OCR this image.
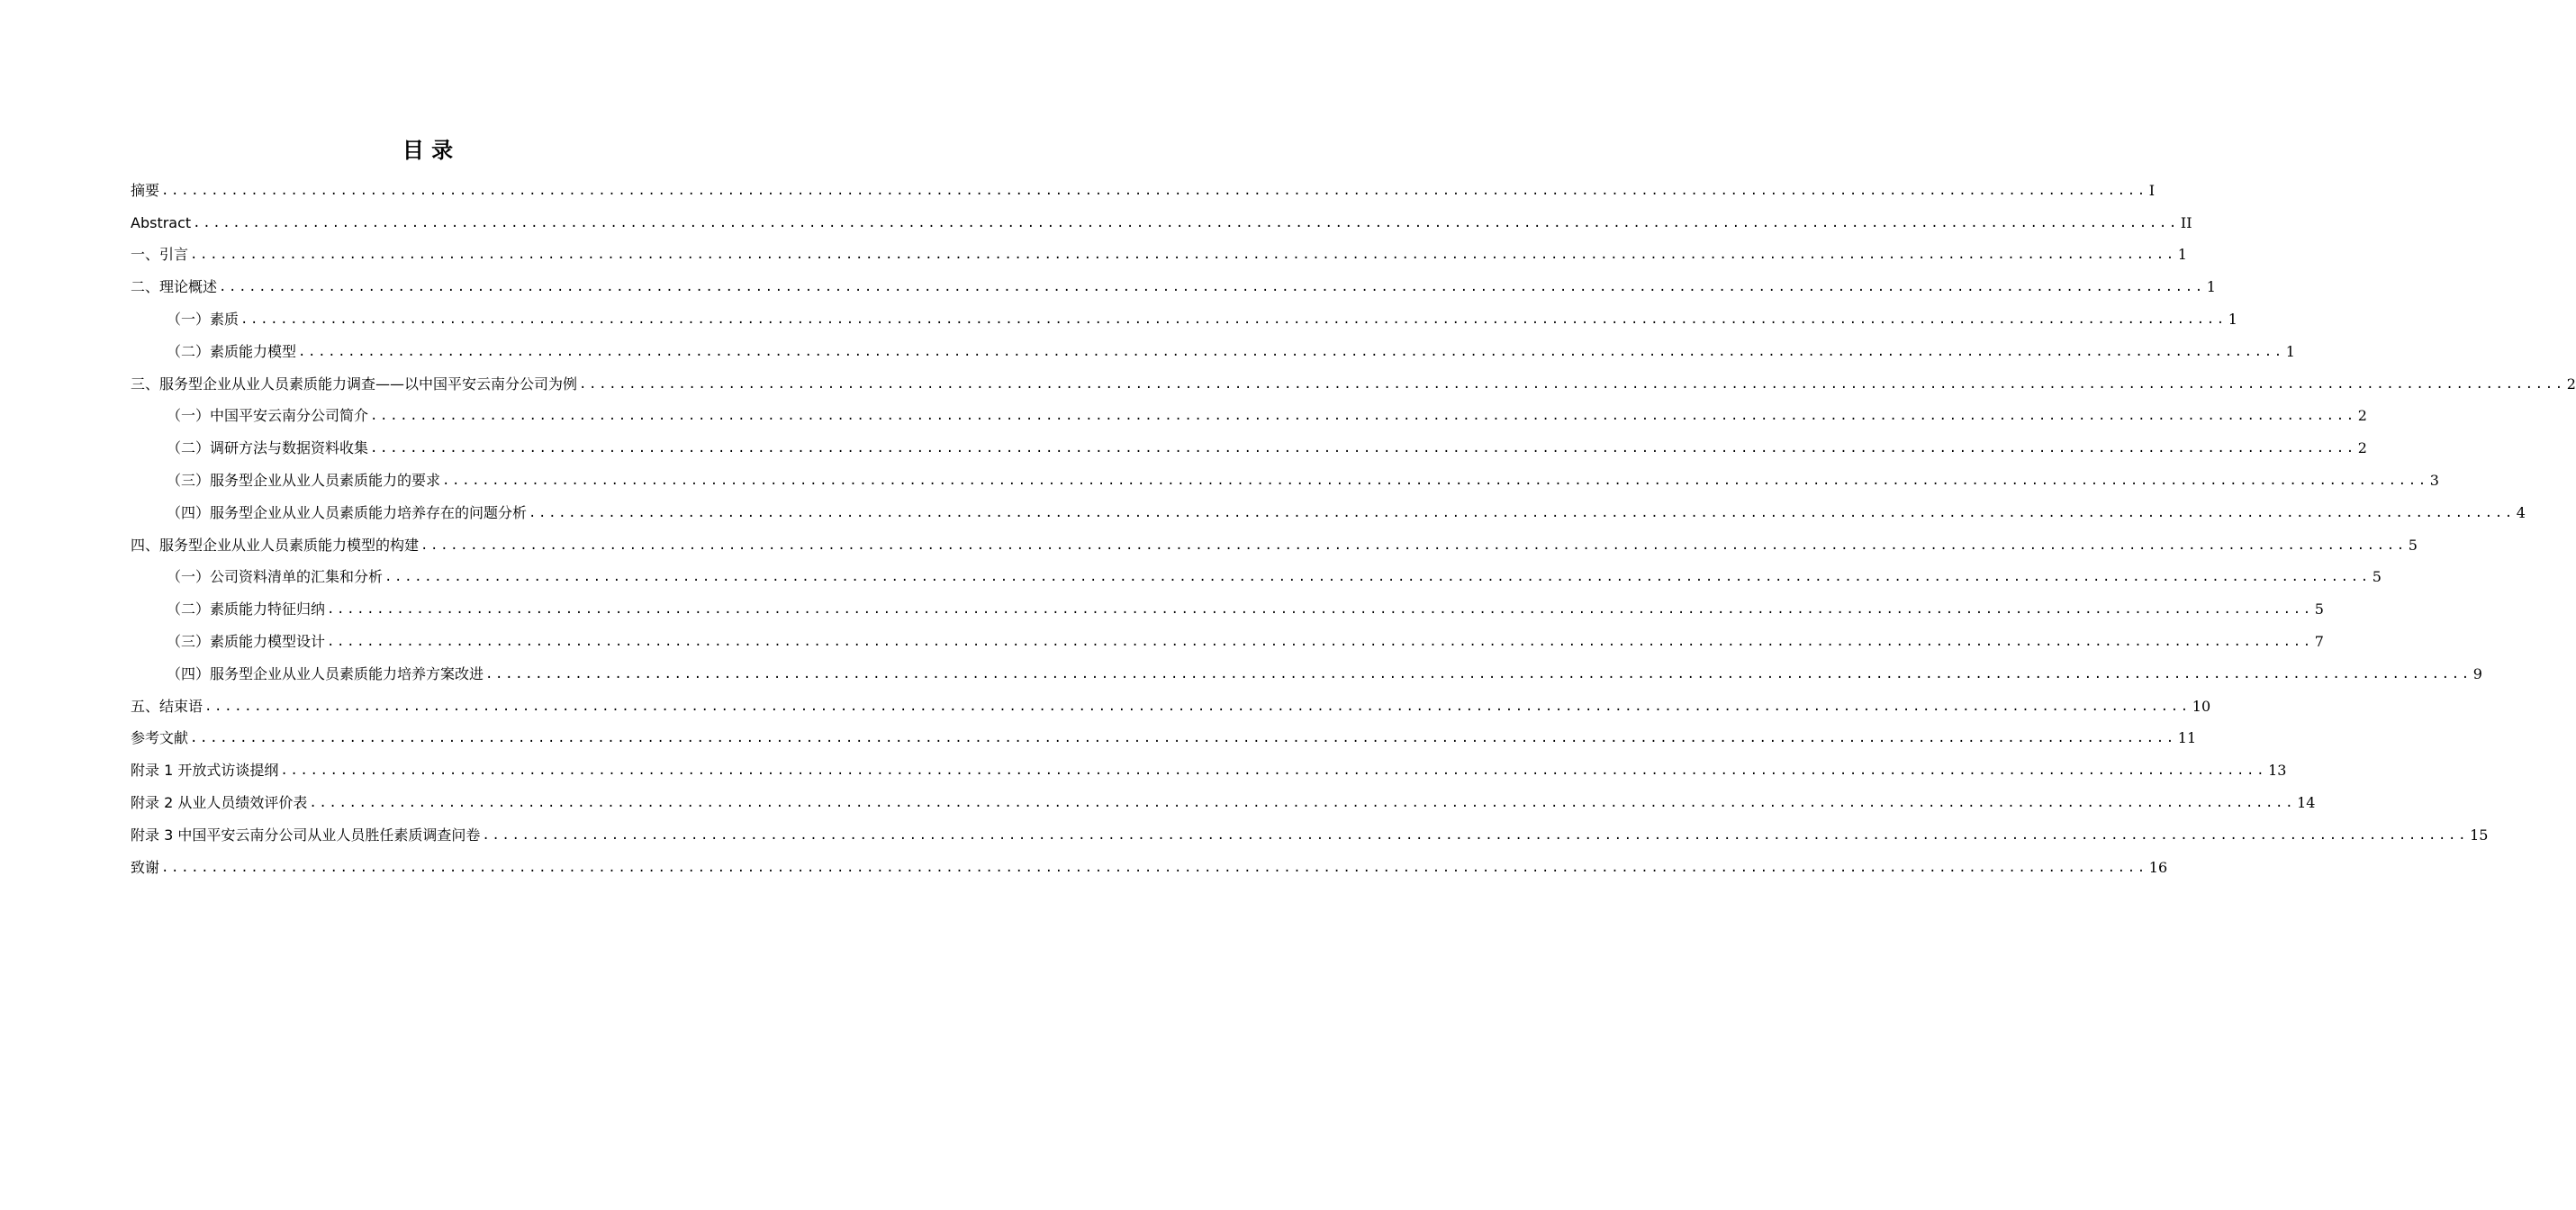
目 录
摘要 ........................................................................................................................................................................................................ I
Abstract ........................................................................................................................................................................................................ II
一、引言 ........................................................................................................................................................................................................ 1
二、理论概述 ........................................................................................................................................................................................................ 1
（一）素质 ........................................................................................................................................................................................................ 1
（二）素质能力模型 ........................................................................................................................................................................................................ 1
三、服务型企业从业人员素质能力调查——以中国平安云南分公司为例 ........................................................................................................................................................................................................ 2
（一）中国平安云南分公司简介 ........................................................................................................................................................................................................ 2
（二）调研方法与数据资料收集 ........................................................................................................................................................................................................ 2
（三）服务型企业从业人员素质能力的要求 ........................................................................................................................................................................................................ 3
（四）服务型企业从业人员素质能力培养存在的问题分析 ........................................................................................................................................................................................................ 4
四、服务型企业从业人员素质能力模型的构建 ........................................................................................................................................................................................................ 5
（一）公司资料清单的汇集和分析 ........................................................................................................................................................................................................ 5
（二）素质能力特征归纳 ........................................................................................................................................................................................................ 5
（三）素质能力模型设计 ........................................................................................................................................................................................................ 7
（四）服务型企业从业人员素质能力培养方案改进 ........................................................................................................................................................................................................ 9
五、结束语 ........................................................................................................................................................................................................ 10
参考文献 ........................................................................................................................................................................................................ 11
附录 1 开放式访谈提纲 ........................................................................................................................................................................................................ 13
附录 2 从业人员绩效评价表 ........................................................................................................................................................................................................ 14
附录 3 中国平安云南分公司从业人员胜任素质调查问卷 ........................................................................................................................................................................................................ 15
致谢 ........................................................................................................................................................................................................ 16
